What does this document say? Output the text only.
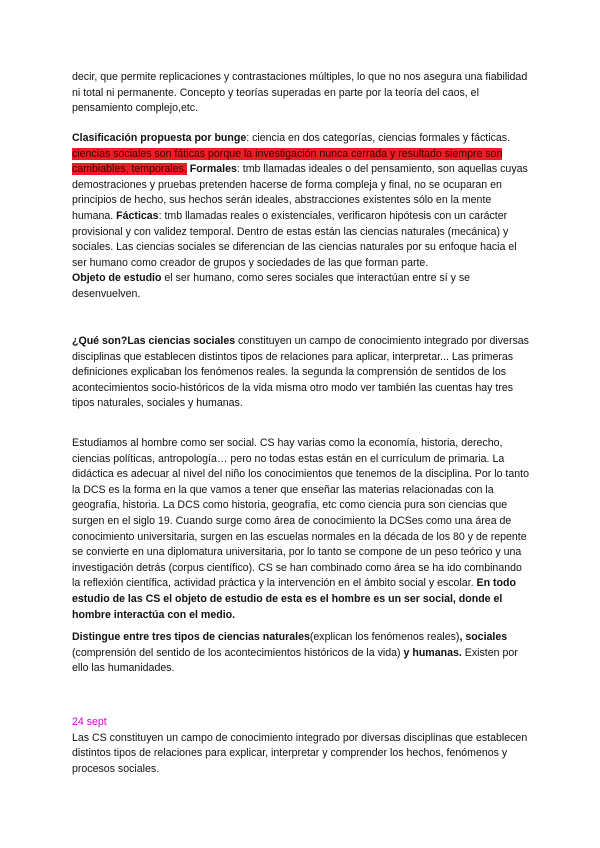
decir, que permite replicaciones y contrastaciones múltiples, lo que no nos asegura una fiabilidad ni total ni permanente. Concepto y teorías superadas en parte por la teoría del caos, el pensamiento complejo,etc.

Clasificación propuesta por bunge: ciencia en dos categorías, ciencias formales y fácticas.
ciencias sociales son fáticas porque la investigación nunca cerrada y resultado siempre son cambiables, temporales. Formales: tmb llamadas ideales o del pensamiento, son aquellas cuyas demostraciones y pruebas pretenden hacerse de forma compleja y final, no se ocuparan en principios de hecho, sus hechos serán ideales, abstracciones existentes sólo en la mente humana. Fácticas: tmb llamadas reales o existenciales, verificaron hipótesis con un carácter provisional y con validez temporal. Dentro de estas están las ciencias naturales (mecánica) y sociales. Las ciencias sociales se diferencian de las ciencias naturales por su enfoque hacia el ser humano como creador de grupos y sociedades de las que forman parte.
Objeto de estudio el ser humano, como seres sociales que interactúan entre sí y se desenvuelven.

¿Qué son?Las ciencias sociales constituyen un campo de conocimiento integrado por diversas disciplinas que establecen distintos tipos de relaciones para aplicar, interpretar... Las primeras definiciones explicaban los fenómenos reales. la segunda la comprensión de sentidos de los acontecimientos socio-históricos de la vida misma otro modo ver también las cuentas hay tres tipos naturales, sociales y humanas.

Estudiamos al hombre como ser social. CS hay varias como la economía, historia, derecho, ciencias políticas, antropología… pero no todas estas están en el currículum de primaria. La didáctica es adecuar al nivel del niño los conocimientos que tenemos de la disciplina. Por lo tanto la DCS es la forma en la que vamos a tener que enseñar las materias relacionadas con la geografía, historia. La DCS como historia, geografía, etc como ciencia pura son ciencias que surgen en el siglo 19. Cuando surge como área de conocimiento la DCSes como una área de conocimiento universitaria, surgen en las escuelas normales en la década de los 80 y de repente se convierte en una diplomatura universitaria, por lo tanto se compone de un peso teórico y una investigación detrás (corpus científico). CS se han combinado como área se ha ido combinando la reflexión científica, actividad práctica y la intervención en el ámbito social y escolar. En todo estudio de las CS el objeto de estudio de esta es el hombre es un ser social, donde el hombre interactúa con el medio.

Distingue entre tres tipos de ciencias naturales(explican los fenómenos reales), sociales (comprensión del sentido de los acontecimientos históricos de la vida) y humanas. Existen por ello las humanidades.

24 sept

Las CS constituyen un campo de conocimiento integrado por diversas disciplinas que establecen distintos tipos de relaciones para explicar, interpretar y comprender los hechos, fenómenos y procesos sociales.
